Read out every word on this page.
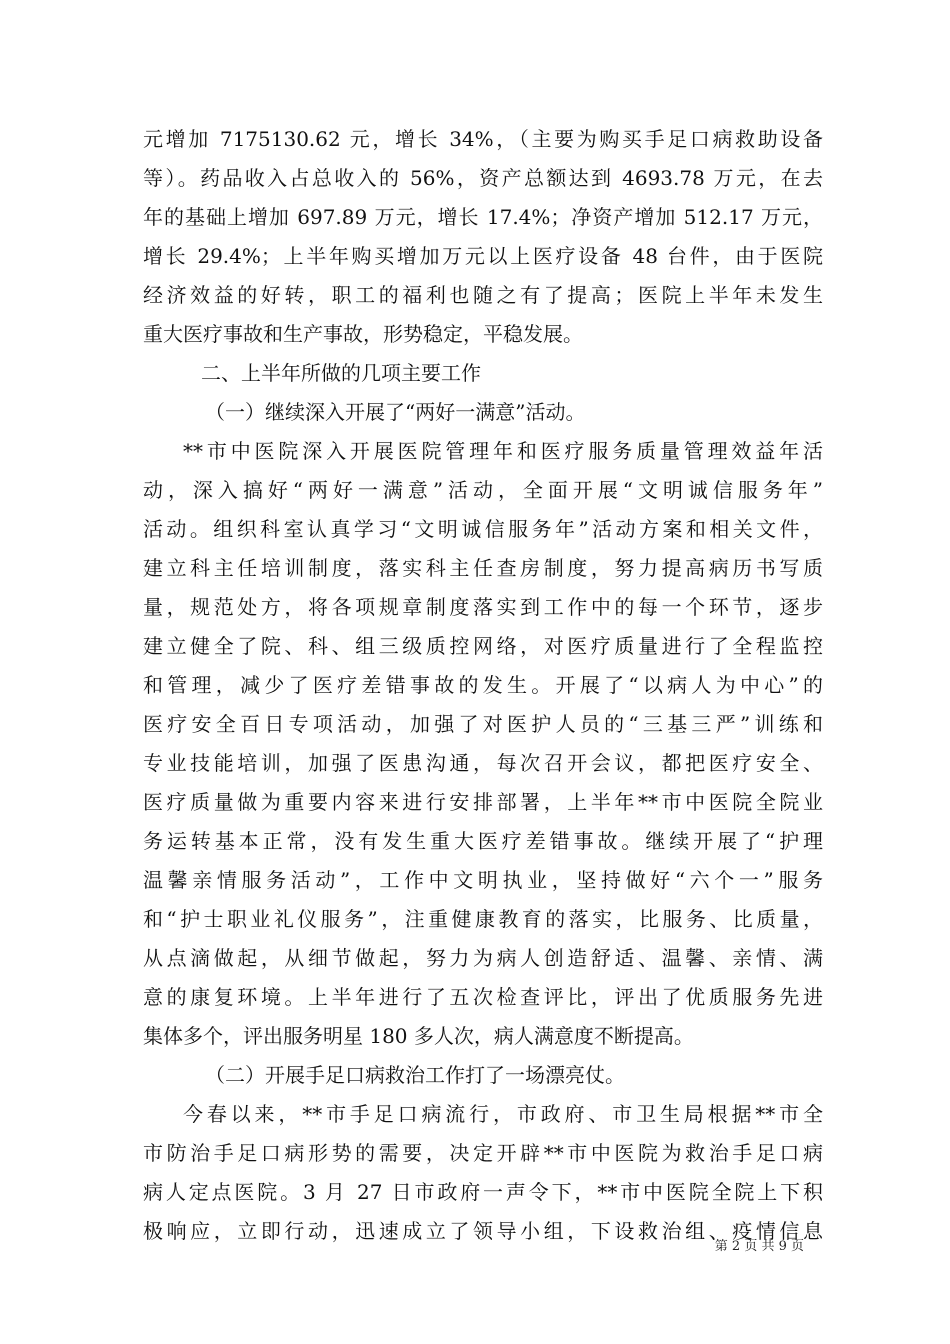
元增加 7175130.62 元，增长 34%，（主要为购买手足口病救助设备
等）。药品收入占总收入的 56%，资产总额达到 4693.78 万元，在去
年的基础上增加 697.89 万元，增长 17.4%；净资产增加 512.17 万元，
增长 29.4%；上半年购买增加万元以上医疗设备 48 台件，由于医院
经济效益的好转，职工的福利也随之有了提高；医院上半年未发生
重大医疗事故和生产事故，形势稳定，平稳发展。
二、上半年所做的几项主要工作
（一）继续深入开展了“两好一满意”活动。
**市中医院深入开展医院管理年和医疗服务质量管理效益年活
动，深入搞好“两好一满意”活动，全面开展“文明诚信服务年”
活动。组织科室认真学习“文明诚信服务年”活动方案和相关文件，
建立科主任培训制度，落实科主任查房制度，努力提高病历书写质
量，规范处方，将各项规章制度落实到工作中的每一个环节，逐步
建立健全了院、科、组三级质控网络，对医疗质量进行了全程监控
和管理，减少了医疗差错事故的发生。开展了“以病人为中心”的
医疗安全百日专项活动，加强了对医护人员的“三基三严”训练和
专业技能培训，加强了医患沟通，每次召开会议，都把医疗安全、
医疗质量做为重要内容来进行安排部署，上半年**市中医院全院业
务运转基本正常，没有发生重大医疗差错事故。继续开展了“护理
温馨亲情服务活动”，工作中文明执业，坚持做好“六个一”服务
和“护士职业礼仪服务”，注重健康教育的落实，比服务、比质量，
从点滴做起，从细节做起，努力为病人创造舒适、温馨、亲情、满
意的康复环境。上半年进行了五次检查评比，评出了优质服务先进
集体多个，评出服务明星 180 多人次，病人满意度不断提高。
（二）开展手足口病救治工作打了一场漂亮仗。
今春以来，**市手足口病流行，市政府、市卫生局根据**市全
市防治手足口病形势的需要，决定开辟**市中医院为救治手足口病
病人定点医院。3 月 27 日市政府一声令下，**市中医院全院上下积
极响应，立即行动，迅速成立了领导小组，下设救治组、疫情信息
第 2 页 共 9 页
